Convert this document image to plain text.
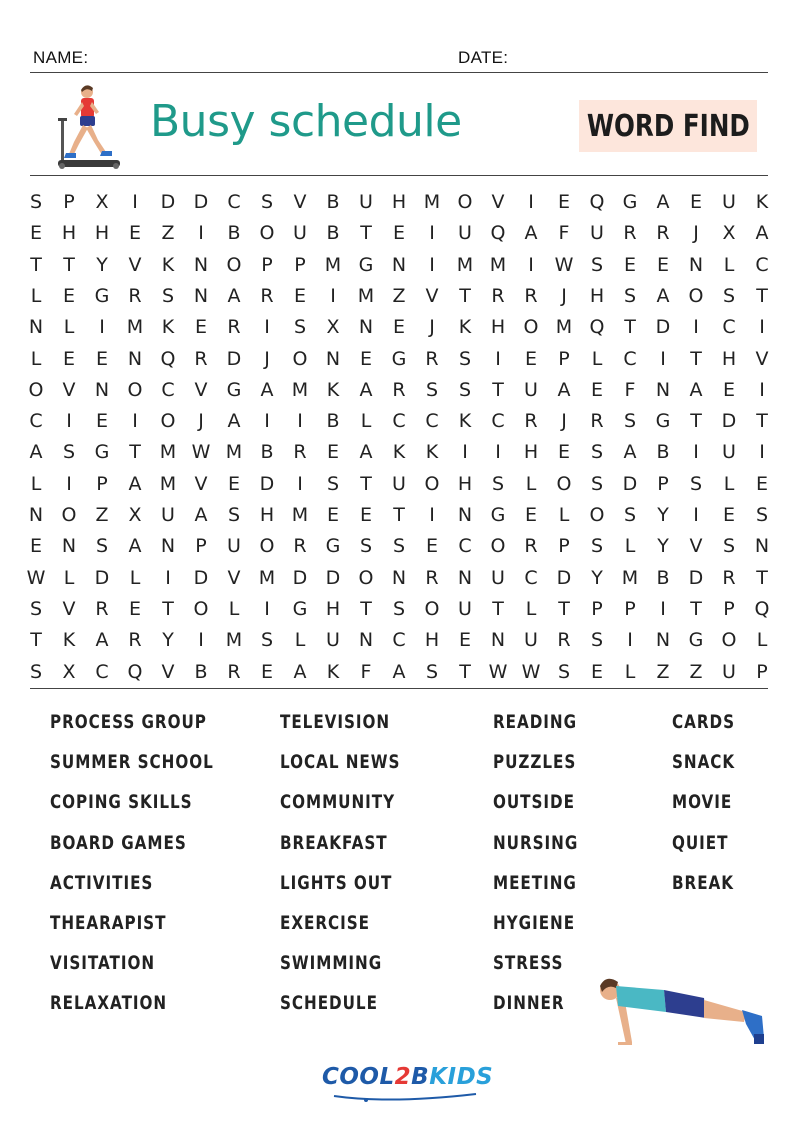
NAME:	DATE:
Busy schedule	WORD FIND
S	P	X	I	D D	C	S	V	B	U H M O	V	I	E	Q G	A	E	U	K
E	H H	E	Z	I	B	O U	B	T	E	I	U Q	A	F	U	R	R	J	X	A
T	T	Y	V	K	N O	P	P	M G N	I	M M	I	W S	E	E	N	L	C
L	E	G	R	S	N	A	R	E	I	M Z	V	T	R	R	J	H	S	A	O	S	T
N	L	I	M K	E	R	I	S	X	N	E	J	K	H O M Q	T	D	I	C	I
L	E	E	N Q R	D	J	O N	E	G	R	S	I	E	P	L	C	I	T	H	V
O	V	N O C	V	G	A M K	A	R	S	S	T	U	A	E	F	N	A	E	I
C	I	E	I	O	J	A	I	I	B	L	C	C	K	C	R	J	R	S	G	T	D	T
A	S	G	T	M W M B	R	E	A	K	K	I	I	H	E	S	A	B	I	U	I
L	I	P	A M V	E	D	I	S	T	U O H	S	L	O	S	D	P	S	L	E
N O	Z	X	U	A	S	H M E	E	T	I	N G	E	L	O	S	Y	I	E	S
E	N	S	A	N	P	U O R	G	S	S	E	C O R	P	S	L	Y	V	S	N
W L	D	L	I	D	V M D D O N	R	N U	C	D	Y	M B	D	R	T
S	V	R	E	T	O	L	I	G H	T	S	O U	T	L	T	P	P	I	T	P	Q
T	K	A	R	Y	I	M S	L	U N	C	H	E	N U	R	S	I	N G O	L
S	X	C Q	V	B	R	E	A	K	F	A	S	T W W S	E	L	Z	Z	U	P
PROCESS GROUP
SUMMER SCHOOL
COPING SKILLS
BOARD GAMES
ACTIVITIES
THEARAPIST
VISITATION
RELAXATION
TELEVISION
LOCAL NEWS
COMMUNITY
BREAKFAST
LIGHTS OUT
EXERCISE
SWIMMING
SCHEDULE
READING
PUZZLES
OUTSIDE
NURSING
MEETING
HYGIENE
STRESS
DINNER
CARDS
SNACK
MOVIE
QUIET
BREAK
COOL2BKIDS
